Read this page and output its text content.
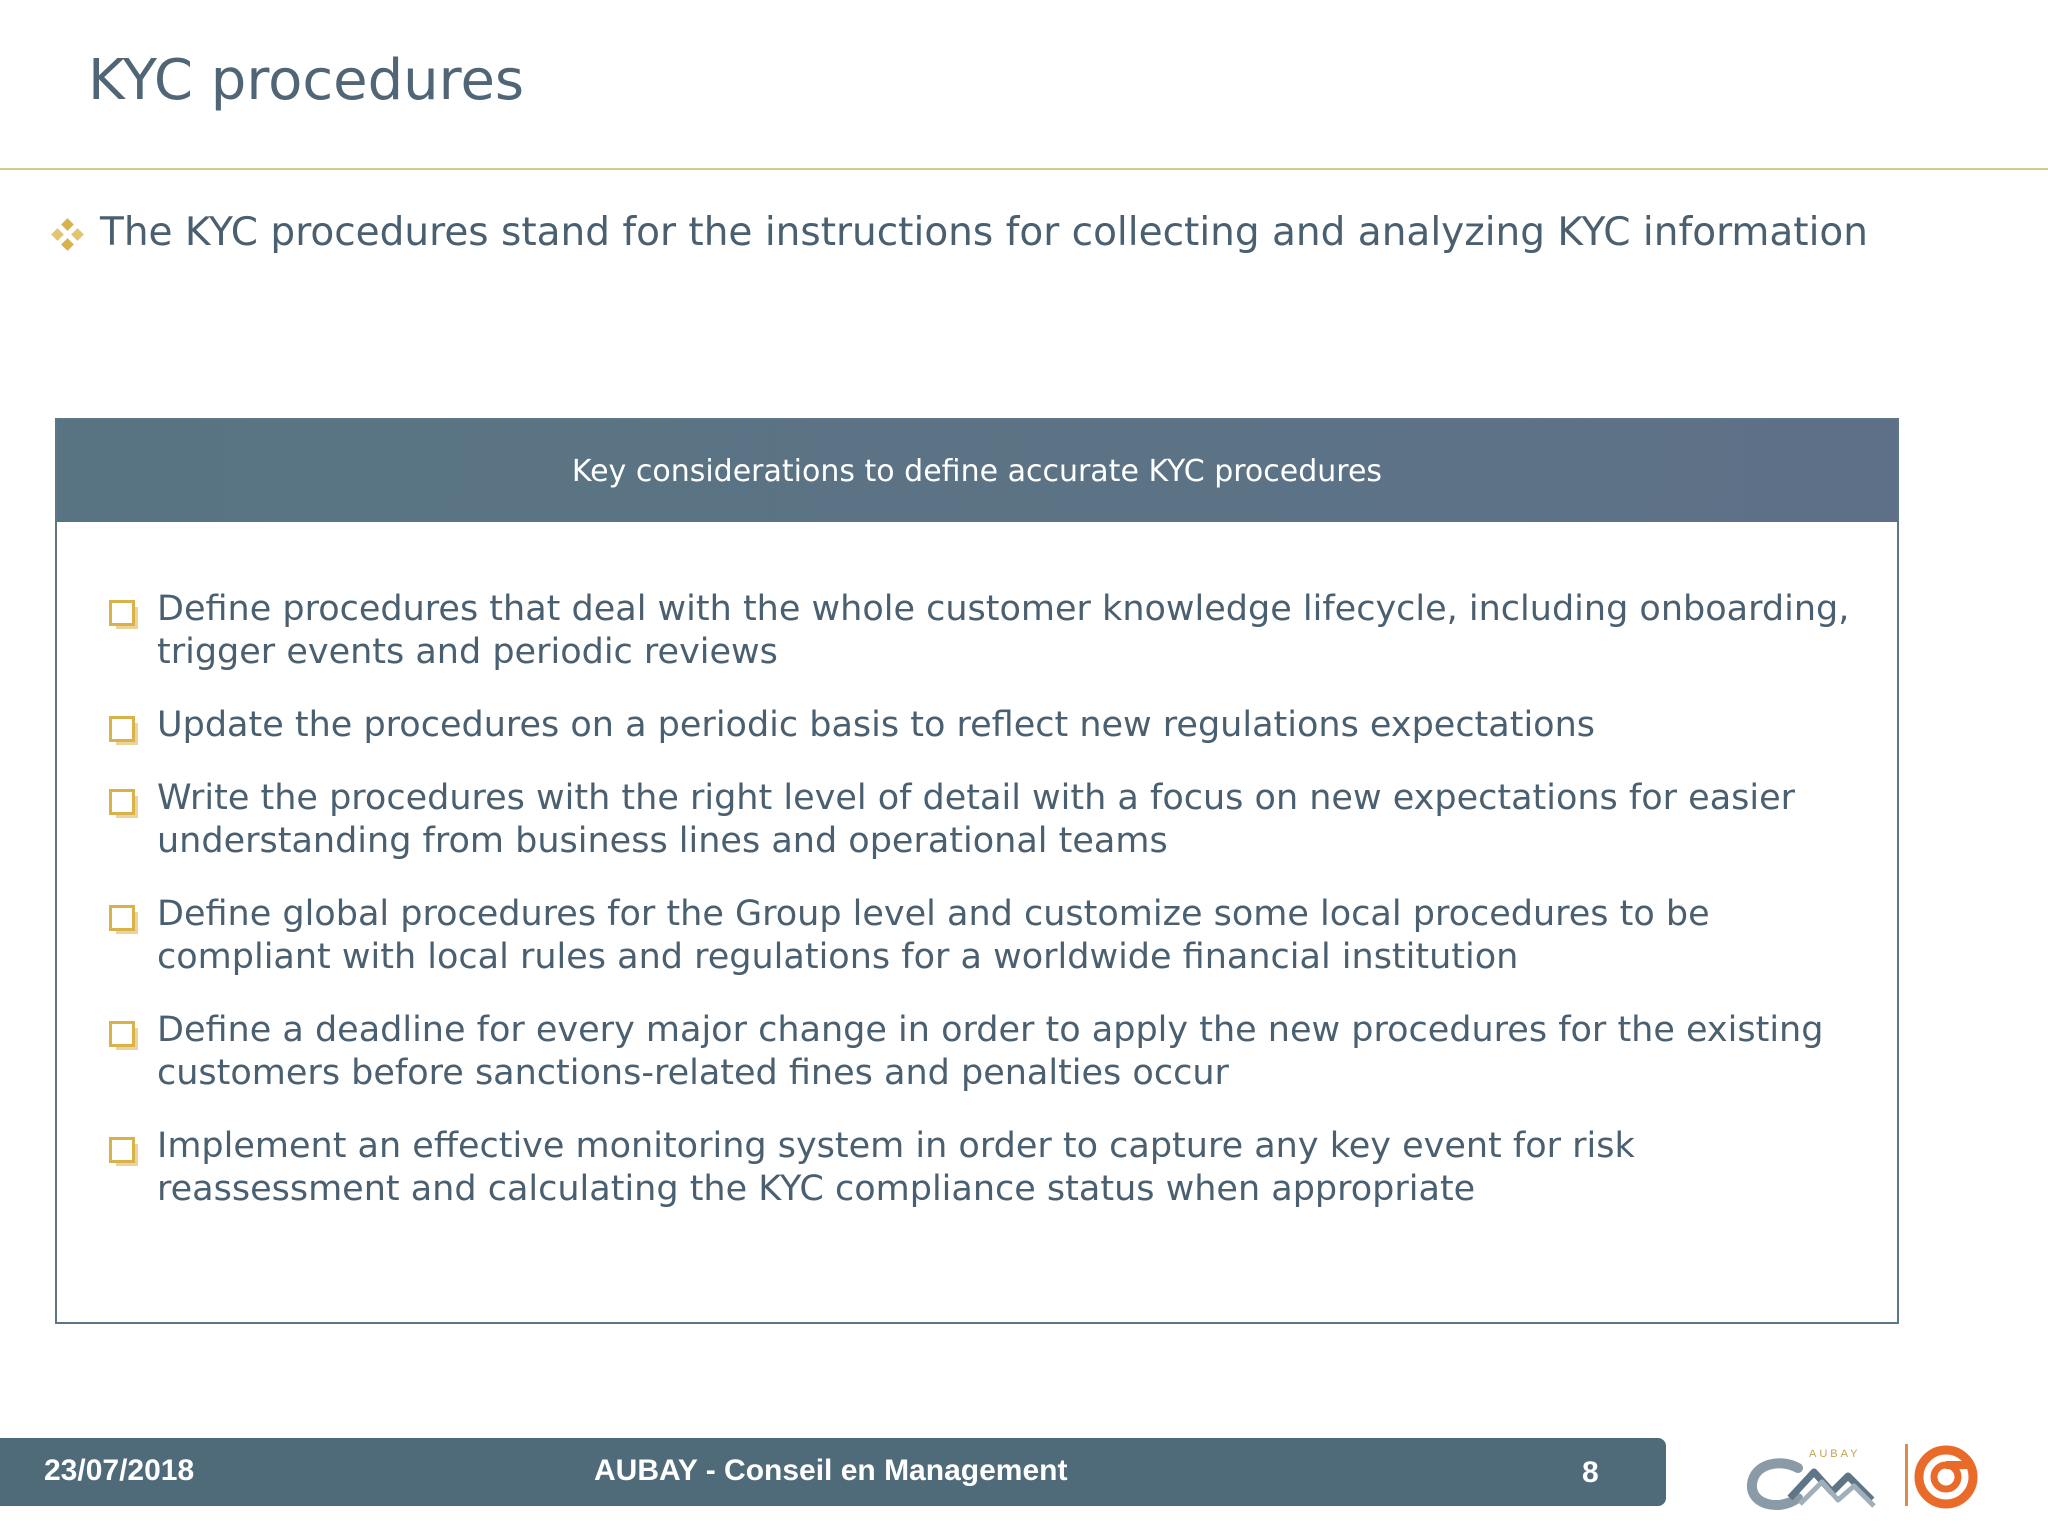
KYC procedures
The KYC procedures stand for the instructions for collecting and analyzing KYC information
Key considerations to define accurate KYC procedures
Define procedures that deal with the whole customer knowledge lifecycle, including onboarding, trigger events and periodic reviews
Update the procedures on a periodic basis to reflect new regulations expectations
Write the procedures with the right level of detail with a focus on new expectations for easier understanding from business lines and operational teams
Define global procedures for the Group level and customize some local procedures to be compliant with local rules and regulations for a worldwide financial institution
Define a deadline for every major change in order to apply the new procedures for the existing customers before sanctions-related fines and penalties occur
Implement an effective monitoring system in order to capture any key event for risk reassessment and calculating the KYC compliance status when appropriate
23/07/2018	AUBAY - Conseil en Management	8
AUBAY
